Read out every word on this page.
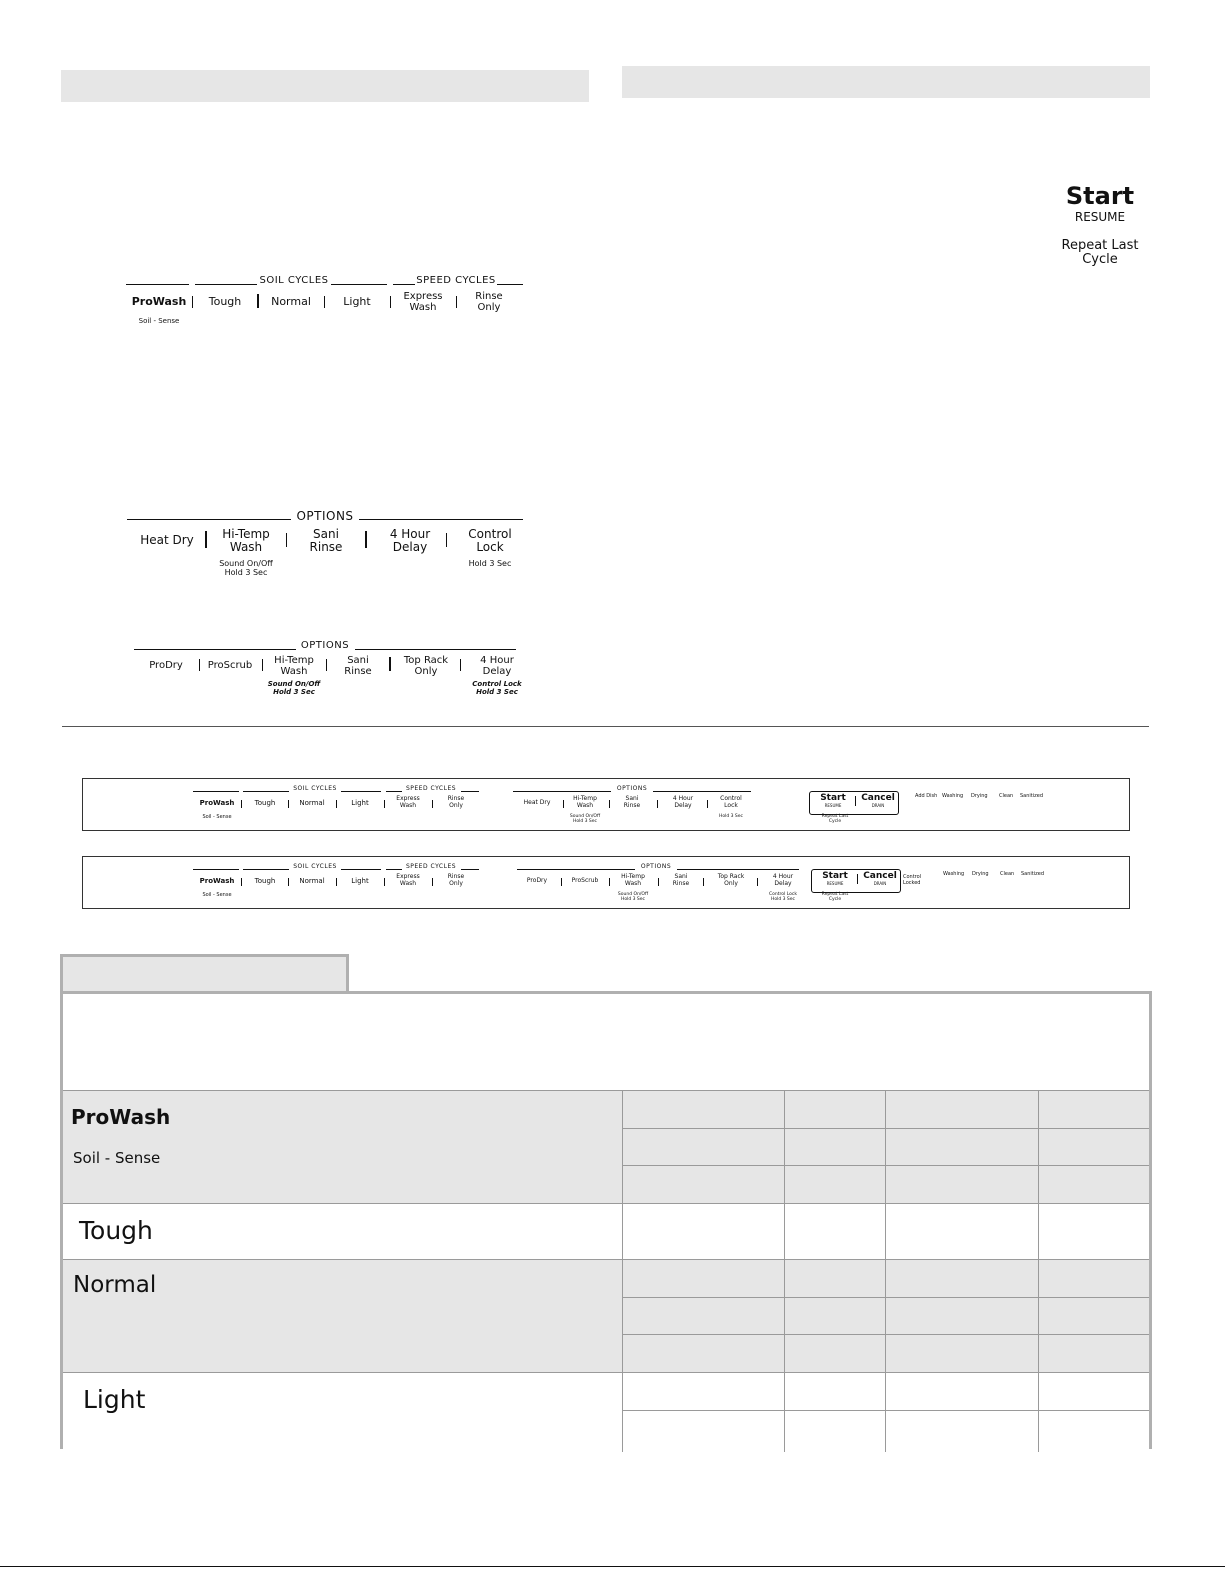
SOIL CYCLES	SPEED CYCLES
ProWash
Soil - Sense
Tough	Normal	Light	Express
Wash
Rinse
Only
Start
RESUME
Repeat Last
Cycle
OPTIONS
Heat Dry	Hi-Temp
Wash
Sound On/Off
Hold 3 Sec
Sani
Rinse
4 Hour
Delay
Control
Lock
Hold 3 Sec
OPTIONS
ProDry	ProScrub	Hi-Temp
Wash
Sound On/Off
Hold 3 Sec
Sani
Rinse
Top Rack
Only
4 Hour
Delay
Control Lock
Hold 3 Sec
SOIL CYCLES	SPEED CYCLES
ProWash
Soil - Sense
Tough	Normal	Light
Express
Wash
Rinse
Only
OPTIONS
Heat Dry
Hi-Temp
Wash
Sound On/Off
Hold 3 Sec
Sani
Rinse
4 Hour
Delay
Control
Lock
Hold 3 Sec
Start
RESUME
Cancel
DRAIN
Repeat Last
Cycle
Add Dish Washing Drying Clean Sanitized
SOIL CYCLES	SPEED CYCLES
ProWash
Soil - Sense
Tough	Normal	Light
Express
Wash
Rinse
Only
OPTIONS
ProDry	ProScrub
Hi-Temp
Wash
Sound On/Off
Hold 3 Sec
Sani
Rinse
Top Rack
Only
4 Hour
Delay
Control Lock
Hold 3 Sec
Start
RESUME
Cancel
DRAIN
Repeat Last
Cycle
Control
Locked
Washing Drying Clean Sanitized
ProWash
Soil - Sense
Tough
Normal
Light
